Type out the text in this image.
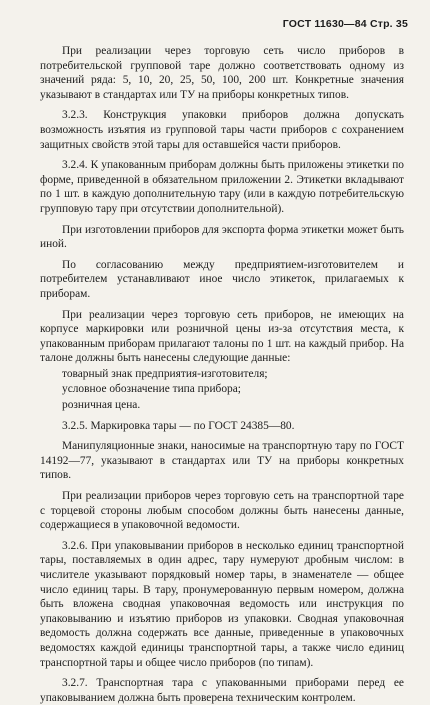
ГОСТ 11630—84 Стр. 35

При реализации через торговую сеть число приборов в потребительской групповой таре должно соответствовать одному из значений ряда: 5, 10, 20, 25, 50, 100, 200 шт. Конкретные значения указывают в стандартах или ТУ на приборы конкретных типов.

3.2.3. Конструкция упаковки приборов должна допускать возможность изъятия из групповой тары части приборов с сохранением защитных свойств этой тары для оставшейся части приборов.

3.2.4. К упакованным приборам должны быть приложены этикетки по форме, приведенной в обязательном приложении 2. Этикетки вкладывают по 1 шт. в каждую дополнительную тару (или в каждую потребительскую групповую тару при отсутствии дополнительной).

При изготовлении приборов для экспорта форма этикетки может быть иной.

По согласованию между предприятием-изготовителем и потребителем устанавливают иное число этикеток, прилагаемых к приборам.

При реализации через торговую сеть приборов, не имеющих на корпусе маркировки или розничной цены из-за отсутствия места, к упакованным приборам прилагают талоны по 1 шт. на каждый прибор. На талоне должны быть нанесены следующие данные:

товарный знак предприятия-изготовителя;

условное обозначение типа прибора;

розничная цена.

3.2.5. Маркировка тары — по ГОСТ 24385—80.

Манипуляционные знаки, наносимые на транспортную тару по ГОСТ 14192—77, указывают в стандартах или ТУ на приборы конкретных типов.

При реализации приборов через торговую сеть на транспортной таре с торцевой стороны любым способом должны быть нанесены данные, содержащиеся в упаковочной ведомости.

3.2.6. При упаковывании приборов в несколько единиц транспортной тары, поставляемых в один адрес, тару нумеруют дробным числом: в числителе указывают порядковый номер тары, в знаменателе — общее число единиц тары. В тару, пронумерованную первым номером, должна быть вложена сводная упаковочная ведомость или инструкция по упаковыванию и изъятию приборов из упаковки. Сводная упаковочная ведомость должна содержать все данные, приведенные в упаковочных ведомостях каждой единицы транспортной тары, а также число единиц транспортной тары и общее число приборов (по типам).

3.2.7. Транспортная тара с упакованными приборами перед ее упаковыванием должна быть проверена техническим контролем.
